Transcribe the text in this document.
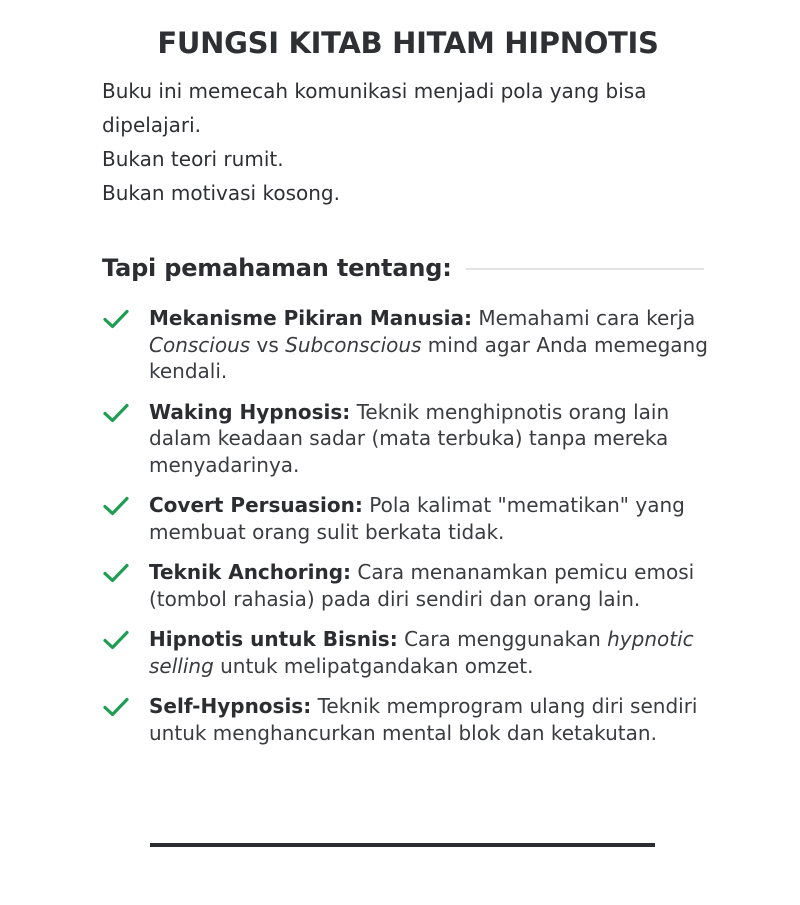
FUNGSI KITAB HITAM HIPNOTIS

Buku ini memecah komunikasi menjadi pola yang bisa dipelajari.

Bukan teori rumit.

Bukan motivasi kosong.

Tapi pemahaman tentang:
Mekanisme Pikiran Manusia: Memahami cara kerja Conscious vs Subconscious mind agar Anda memegang kendali.
Waking Hypnosis: Teknik menghipnotis orang lain dalam keadaan sadar (mata terbuka) tanpa mereka menyadarinya.
Covert Persuasion: Pola kalimat "mematikan" yang membuat orang sulit berkata tidak.
Teknik Anchoring: Cara menanamkan pemicu emosi (tombol rahasia) pada diri sendiri dan orang lain.
Hipnotis untuk Bisnis: Cara menggunakan hypnotic selling untuk melipatgandakan omzet.
Self-Hypnosis: Teknik memprogram ulang diri sendiri untuk menghancurkan mental blok dan ketakutan.
